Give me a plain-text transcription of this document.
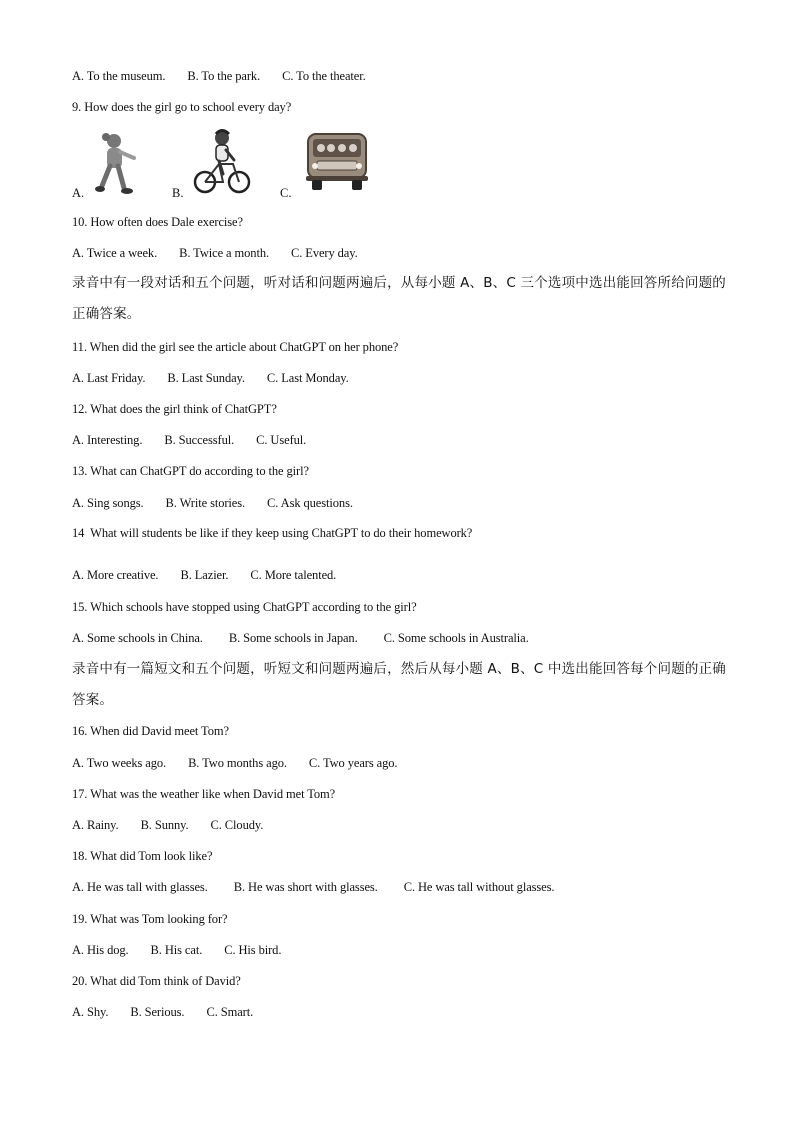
A. To the museum. B. To the park. C. To the theater.
9. How does the girl go to school every day?
A.	B.	C.
10. How often does Dale exercise?
A. Twice a week. B. Twice a month. C. Every day.
录音中有一段对话和五个问题，听对话和问题两遍后，从每小题 A、B、C 三个选项中选出能回答所给问题的正确答案。
11. When did the girl see the article about ChatGPT on her phone?
A. Last Friday. B. Last Sunday. C. Last Monday.
12. What does the girl think of ChatGPT?
A. Interesting. B. Successful. C. Useful.
13. What can ChatGPT do according to the girl?
A. Sing songs. B. Write stories. C. Ask questions.
14  What will students be like if they keep using ChatGPT to do their homework?
A. More creative. B. Lazier. C. More talented.
15. Which schools have stopped using ChatGPT according to the girl?
A. Some schools in China. B. Some schools in Japan. C. Some schools in Australia.
录音中有一篇短文和五个问题，听短文和问题两遍后，然后从每小题 A、B、C 中选出能回答每个问题的正确答案。
16. When did David meet Tom?
A. Two weeks ago. B. Two months ago. C. Two years ago.
17. What was the weather like when David met Tom?
A. Rainy. B. Sunny. C. Cloudy.
18. What did Tom look like?
A. He was tall with glasses. B. He was short with glasses. C. He was tall without glasses.
19. What was Tom looking for?
A. His dog. B. His cat. C. His bird.
20. What did Tom think of David?
A. Shy. B. Serious. C. Smart.
